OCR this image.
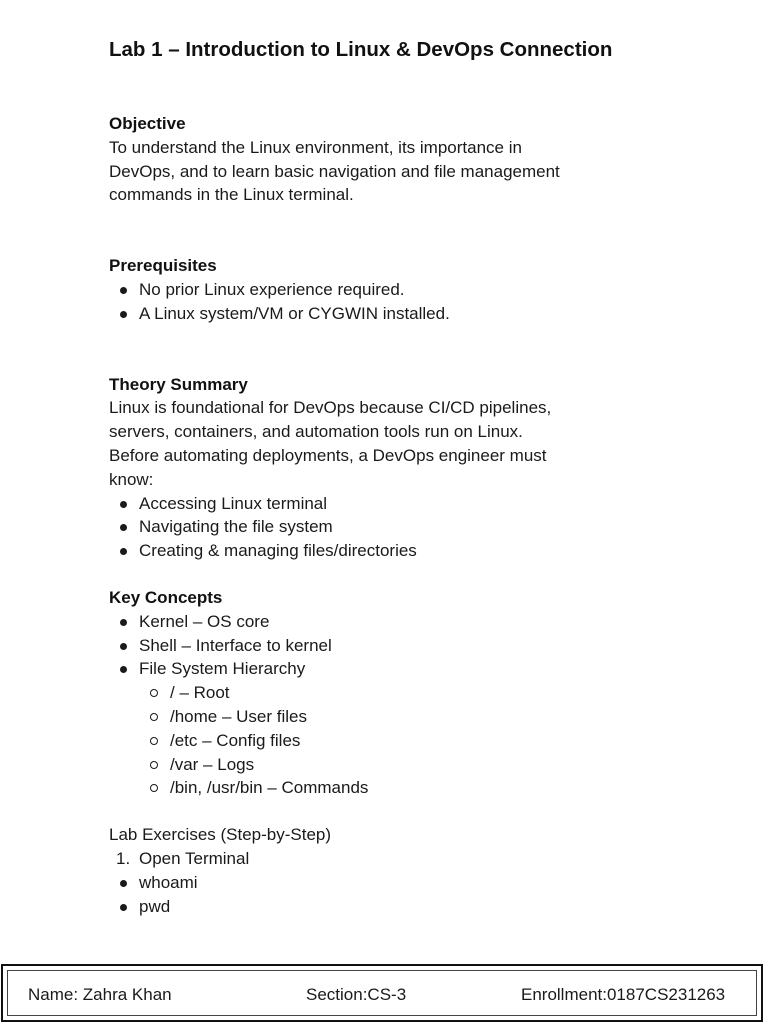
Lab 1 – Introduction to Linux & DevOps Connection

Objective

To understand the Linux environment, its importance in

DevOps, and to learn basic navigation and file management

commands in the Linux terminal.

Prerequisites

No prior Linux experience required.
A Linux system/VM or CYGWIN installed.

Theory Summary

Linux is foundational for DevOps because CI/CD pipelines,

servers, containers, and automation tools run on Linux.

Before automating deployments, a DevOps engineer must

know:

Accessing Linux terminal
Navigating the file system
Creating & managing files/directories

Key Concepts

Kernel – OS core
Shell – Interface to kernel
File System Hierarchy
/ – Root
/home – User files
/etc – Config files
/var – Logs
/bin, /usr/bin – Commands

Lab Exercises (Step-by-Step)

1. Open Terminal
whoami
pwd
Name: Zahra Khan	Section:CS-3	Enrollment:0187CS231263
